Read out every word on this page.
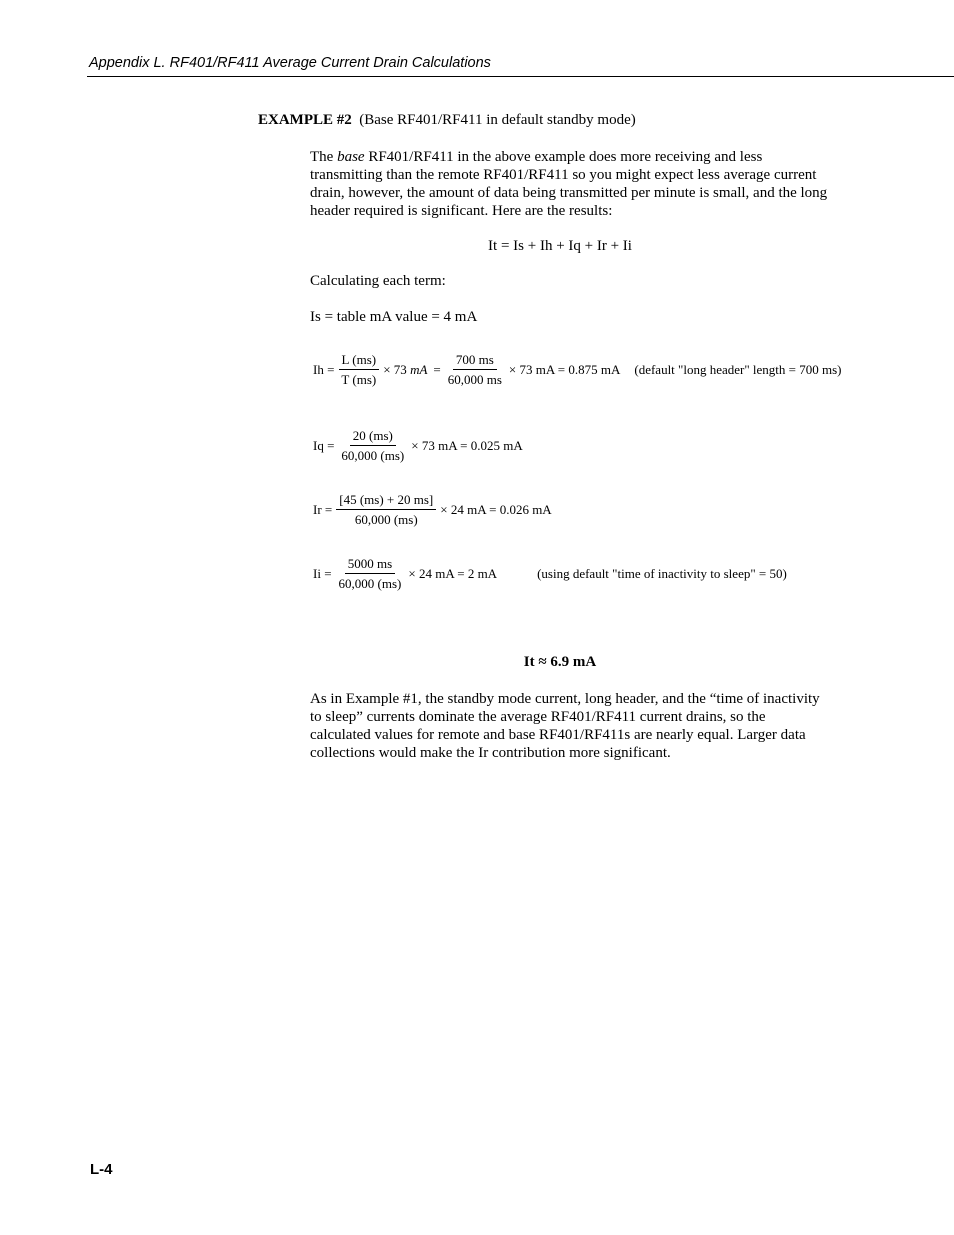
Appendix L. RF401/RF411 Average Current Drain Calculations
EXAMPLE #2 (Base RF401/RF411 in default standby mode)
The base RF401/RF411 in the above example does more receiving and less transmitting than the remote RF401/RF411 so you might expect less average current drain, however, the amount of data being transmitted per minute is small, and the long header required is significant. Here are the results:
It = Is + Ih + Iq + Ir + Ii
Calculating each term:
Is = table mA value = 4 mA
$Ih = \frac{L (ms)}{T (ms)} \times 73$ mA = $\frac{700 ms}{60,000 ms} \times 73$ mA = 0.875 mA (default "long header" length = 700 ms)
$Iq = \frac{20 (ms)}{60,000 (ms)} \times 73$ mA = 0.025 mA
$Ir = \frac{[45 (ms) + 20 ms]}{60,000 (ms)} \times 24$ mA = 0.026 mA
$Ii = \frac{5000 ms}{60,000 (ms)} \times 24$ mA = 2 mA	(using default "time of inactivity to sleep" = 50)
It ≈ 6.9 mA
As in Example #1, the standby mode current, long header, and the “time of inactivity to sleep” currents dominate the average RF401/RF411 current drains, so the calculated values for remote and base RF401/RF411s are nearly equal. Larger data collections would make the Ir contribution more significant.
L-4
